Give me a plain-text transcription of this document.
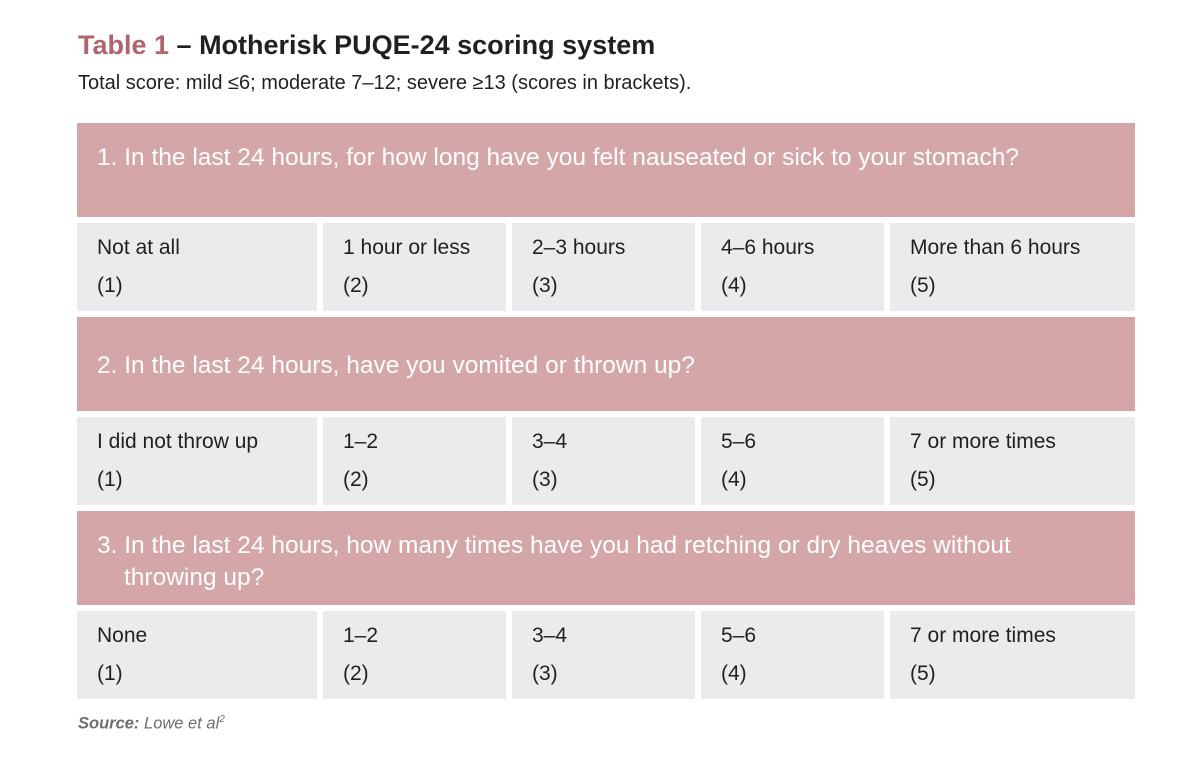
Table 1 – Motherisk PUQE-24 scoring system
Total score: mild ≤6; moderate 7–12; severe ≥13 (scores in brackets).
1. In the last 24 hours, for how long have you felt nauseated or sick to your stomach?
Not at all
(1)
1 hour or less
(2)
2–3 hours
(3)
4–6 hours
(4)
More than 6 hours
(5)
2. In the last 24 hours, have you vomited or thrown up?
I did not throw up
(1)
1–2
(2)
3–4
(3)
5–6
(4)
7 or more times
(5)
3. In the last 24 hours, how many times have you had retching or dry heaves without throwing up?
None
(1)
1–2
(2)
3–4
(3)
5–6
(4)
7 or more times
(5)
Source: Lowe et $al^2$
